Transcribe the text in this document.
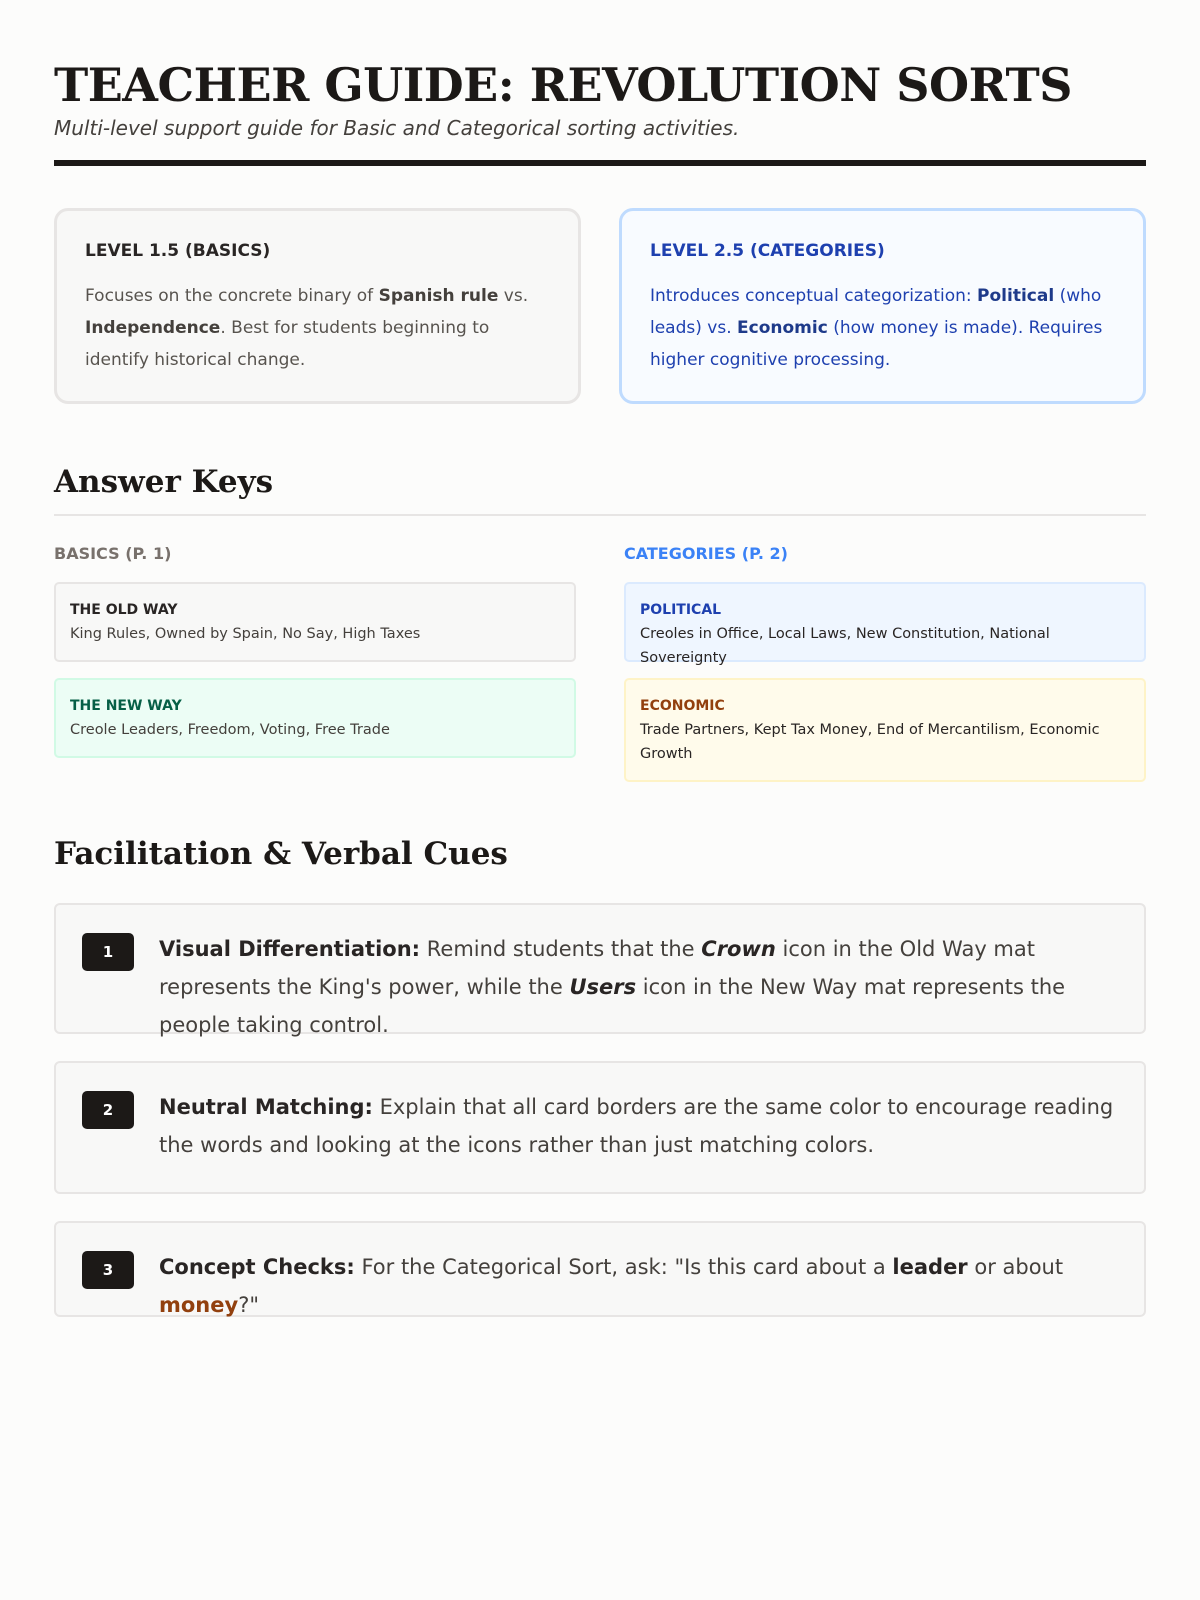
TEACHER GUIDE: REVOLUTION SORTS

Multi-level support guide for Basic and Categorical sorting activities.

LEVEL 1.5 (BASICS)

Focuses on the concrete binary of Spanish rule vs. Independence. Best for students beginning to identify historical change.

LEVEL 2.5 (CATEGORIES)

Introduces conceptual categorization: Political (who leads) vs. Economic (how money is made). Requires higher cognitive processing.

Answer Keys
BASICS (P. 1)
THE OLD WAY
King Rules, Owned by Spain, No Say, High Taxes
THE NEW WAY
Creole Leaders, Freedom, Voting, Free Trade
CATEGORIES (P. 2)
POLITICAL
Creoles in Office, Local Laws, New Constitution, National Sovereignty
ECONOMIC
Trade Partners, Kept Tax Money, End of Mercantilism, Economic Growth
Facilitation & Verbal Cues
1	Visual Differentiation: Remind students that the Crown icon in the Old Way mat represents the King's power, while the Users icon in the New Way mat represents the people taking control.

2	Neutral Matching: Explain that all card borders are the same color to encourage reading the words and looking at the icons rather than just matching colors.

3	Concept Checks: For the Categorical Sort, ask: "Is this card about a leader or about money?"
